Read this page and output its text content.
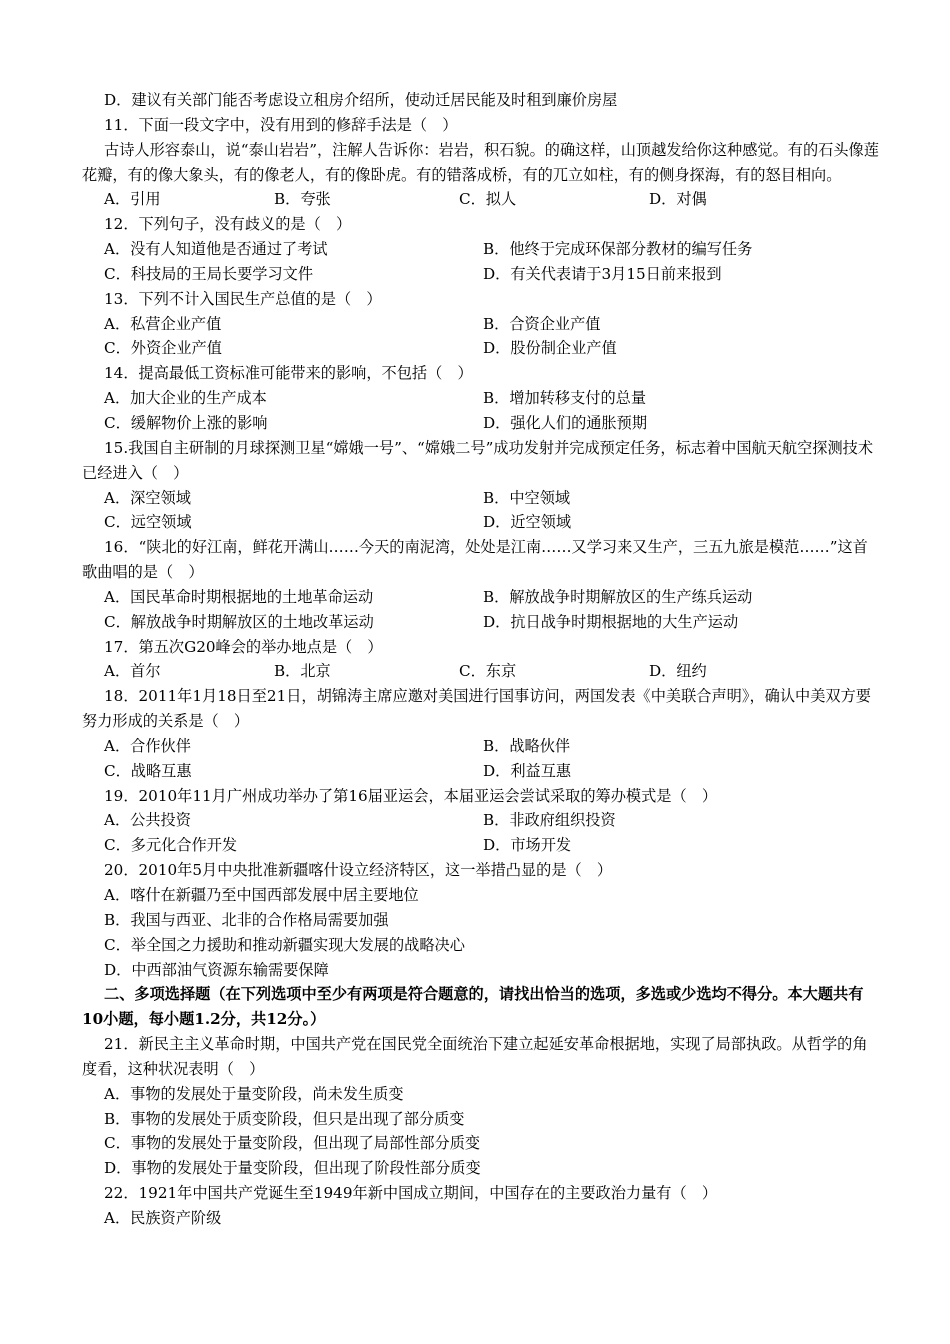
D．建议有关部门能否考虑设立租房介绍所，使动迁居民能及时租到廉价房屋
11．下面一段文字中，没有用到的修辞手法是（　）
古诗人形容泰山，说“泰山岩岩”，注解人告诉你：岩岩，积石貌。的确这样，山顶越发给你这种感觉。有的石头像莲花瓣，有的像大象头，有的像老人，有的像卧虎。有的错落成桥，有的兀立如柱，有的侧身探海，有的怒目相向。
A．引用	B．夸张	C．拟人	D．对偶
12．下列句子，没有歧义的是（　）
A．没有人知道他是否通过了考试	B．他终于完成环保部分教材的编写任务
C．科技局的王局长要学习文件	D．有关代表请于3月15日前来报到
13．下列不计入国民生产总值的是（　）
A．私营企业产值	B．合资企业产值
C．外资企业产值	D．股份制企业产值
14．提高最低工资标准可能带来的影响，不包括（　）
A．加大企业的生产成本	B．增加转移支付的总量
C．缓解物价上涨的影响	D．强化人们的通胀预期
15.我国自主研制的月球探测卫星“嫦娥一号”、“嫦娥二号”成功发射并完成预定任务，标志着中国航天航空探测技术已经进入（　）
A．深空领域	B．中空领域
C．远空领域	D．近空领域
16．“陕北的好江南，鲜花开满山……今天的南泥湾，处处是江南……又学习来又生产，三五九旅是模范……”这首歌曲唱的是（　）
A．国民革命时期根据地的土地革命运动	B．解放战争时期解放区的生产练兵运动
C．解放战争时期解放区的土地改革运动	D．抗日战争时期根据地的大生产运动
17．第五次G20峰会的举办地点是（　）
A．首尔	B．北京	C．东京	D．纽约
18．2011年1月18日至21日，胡锦涛主席应邀对美国进行国事访问，两国发表《中美联合声明》，确认中美双方要努力形成的关系是（　）
A．合作伙伴	B．战略伙伴
C．战略互惠	D．利益互惠
19．2010年11月广州成功举办了第16届亚运会，本届亚运会尝试采取的筹办模式是（　）
A．公共投资	B．非政府组织投资
C．多元化合作开发	D．市场开发
20．2010年5月中央批准新疆喀什设立经济特区，这一举措凸显的是（　）
A．喀什在新疆乃至中国西部发展中居主要地位
B．我国与西亚、北非的合作格局需要加强
C．举全国之力援助和推动新疆实现大发展的战略决心
D．中西部油气资源东输需要保障
二、多项选择题（在下列选项中至少有两项是符合题意的，请找出恰当的选项，多选或少选均不得分。本大题共有10小题，每小题1.2分，共12分。）
21．新民主主义革命时期，中国共产党在国民党全面统治下建立起延安革命根据地，实现了局部执政。从哲学的角度看，这种状况表明（　）
A．事物的发展处于量变阶段，尚未发生质变
B．事物的发展处于质变阶段，但只是出现了部分质变
C．事物的发展处于量变阶段，但出现了局部性部分质变
D．事物的发展处于量变阶段，但出现了阶段性部分质变
22．1921年中国共产党诞生至1949年新中国成立期间，中国存在的主要政治力量有（　）
A．民族资产阶级
